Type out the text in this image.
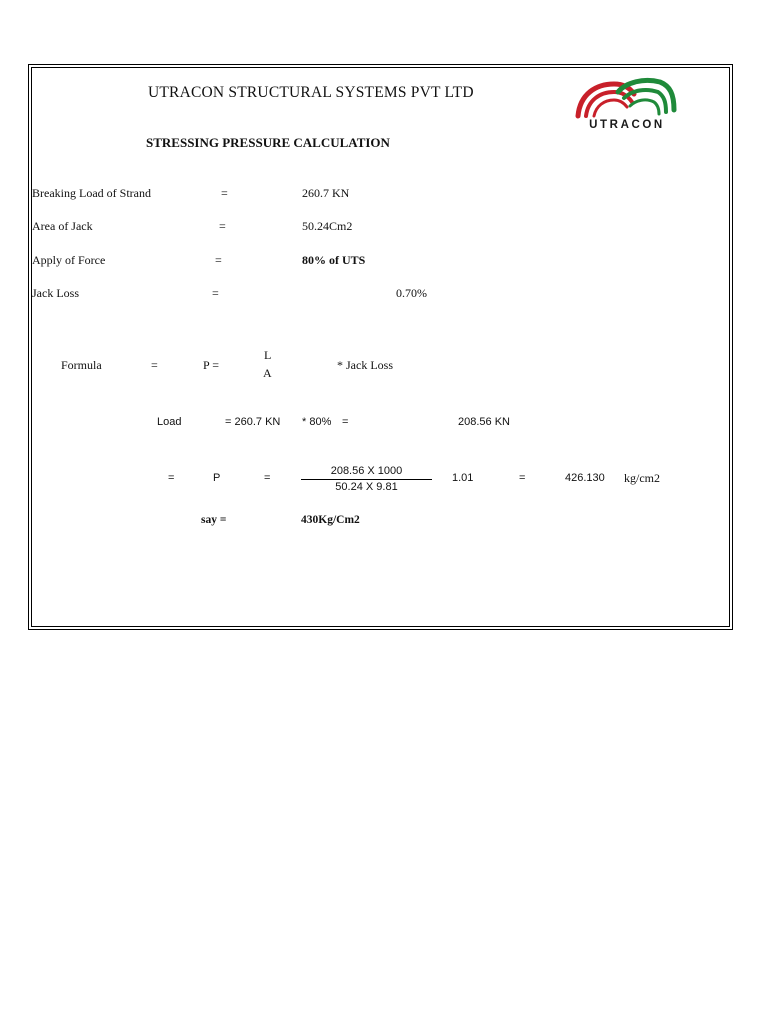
UTRACON STRUCTURAL SYSTEMS PVT LTD
STRESSING PRESSURE CALCULATION
UTRACON
Breaking Load of Strand	=	260.7 KN
Area of Jack	=	50.24Cm2
Apply of Force	=	80% of UTS
Jack Loss	=	0.70%
Formula	=	P =
L
A
* Jack Loss
Load	= 260.7 KN * 80% =	208.56 KN
=	P	=
208.56 X 1000
50.24 X 9.81
1.01	=	426.130 kg/cm2
say =	430Kg/Cm2
